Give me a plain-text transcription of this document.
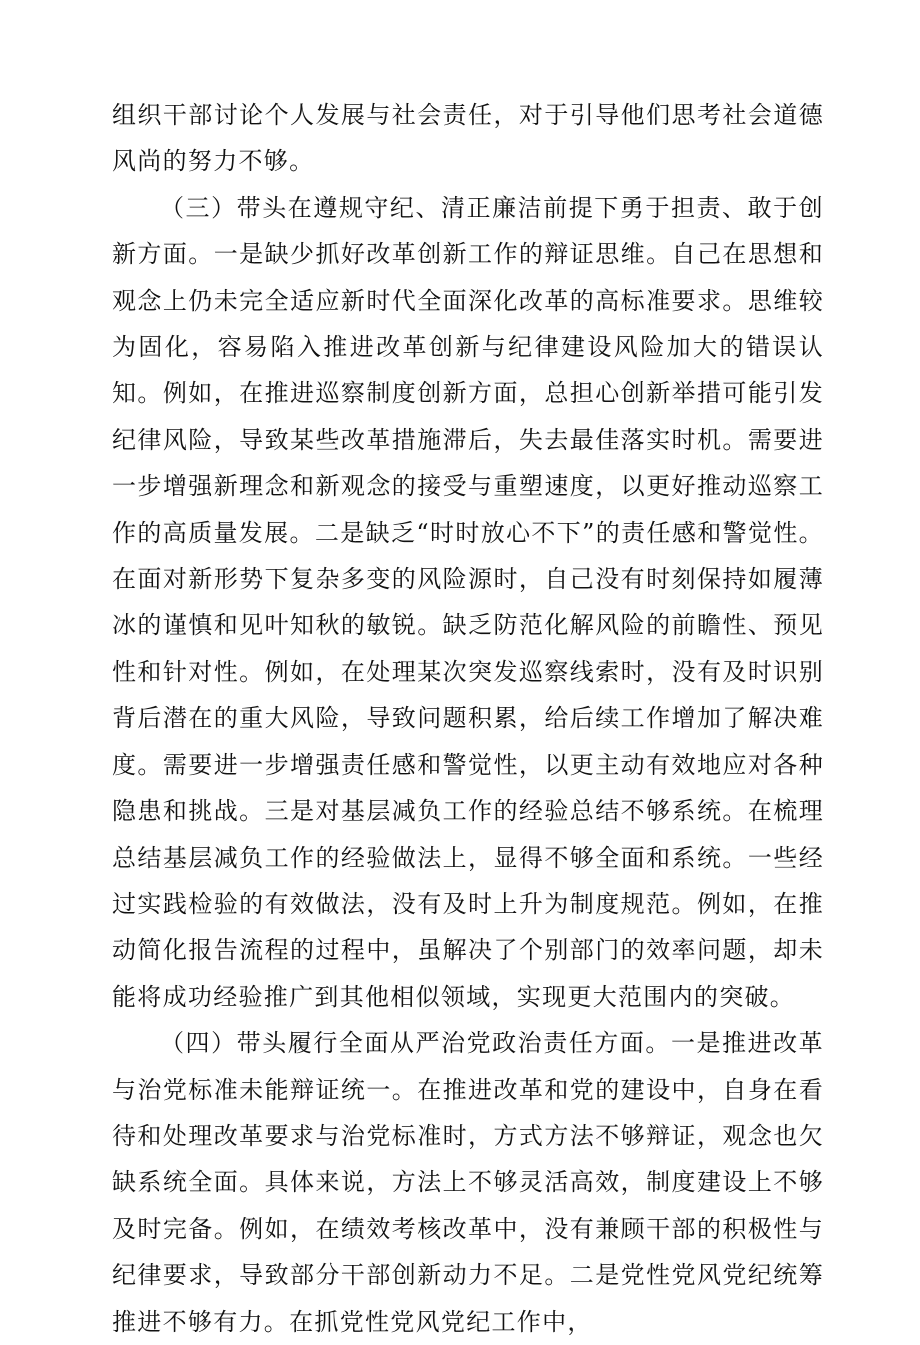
组织干部讨论个人发展与社会责任，对于引导他们思考社会道德风尚的努力不够。

（三）带头在遵规守纪、清正廉洁前提下勇于担责、敢于创新方面。一是缺少抓好改革创新工作的辩证思维。自己在思想和观念上仍未完全适应新时代全面深化改革的高标准要求。思维较为固化，容易陷入推进改革创新与纪律建设风险加大的错误认知。例如，在推进巡察制度创新方面，总担心创新举措可能引发纪律风险，导致某些改革措施滞后，失去最佳落实时机。需要进一步增强新理念和新观念的接受与重塑速度，以更好推动巡察工作的高质量发展。二是缺乏“时时放心不下”的责任感和警觉性。在面对新形势下复杂多变的风险源时，自己没有时刻保持如履薄冰的谨慎和见叶知秋的敏锐。缺乏防范化解风险的前瞻性、预见性和针对性。例如，在处理某次突发巡察线索时，没有及时识别背后潜在的重大风险，导致问题积累，给后续工作增加了解决难度。需要进一步增强责任感和警觉性，以更主动有效地应对各种隐患和挑战。三是对基层减负工作的经验总结不够系统。在梳理总结基层减负工作的经验做法上，显得不够全面和系统。一些经过实践检验的有效做法，没有及时上升为制度规范。例如，在推动简化报告流程的过程中，虽解决了个别部门的效率问题，却未能将成功经验推广到其他相似领域，实现更大范围内的突破。

（四）带头履行全面从严治党政治责任方面。一是推进改革与治党标准未能辩证统一。在推进改革和党的建设中，自身在看待和处理改革要求与治党标准时，方式方法不够辩证，观念也欠缺系统全面。具体来说，方法上不够灵活高效，制度建设上不够及时完备。例如，在绩效考核改革中，没有兼顾干部的积极性与纪律要求，导致部分干部创新动力不足。二是党性党风党纪统筹推进不够有力。在抓党性党风党纪工作中，
